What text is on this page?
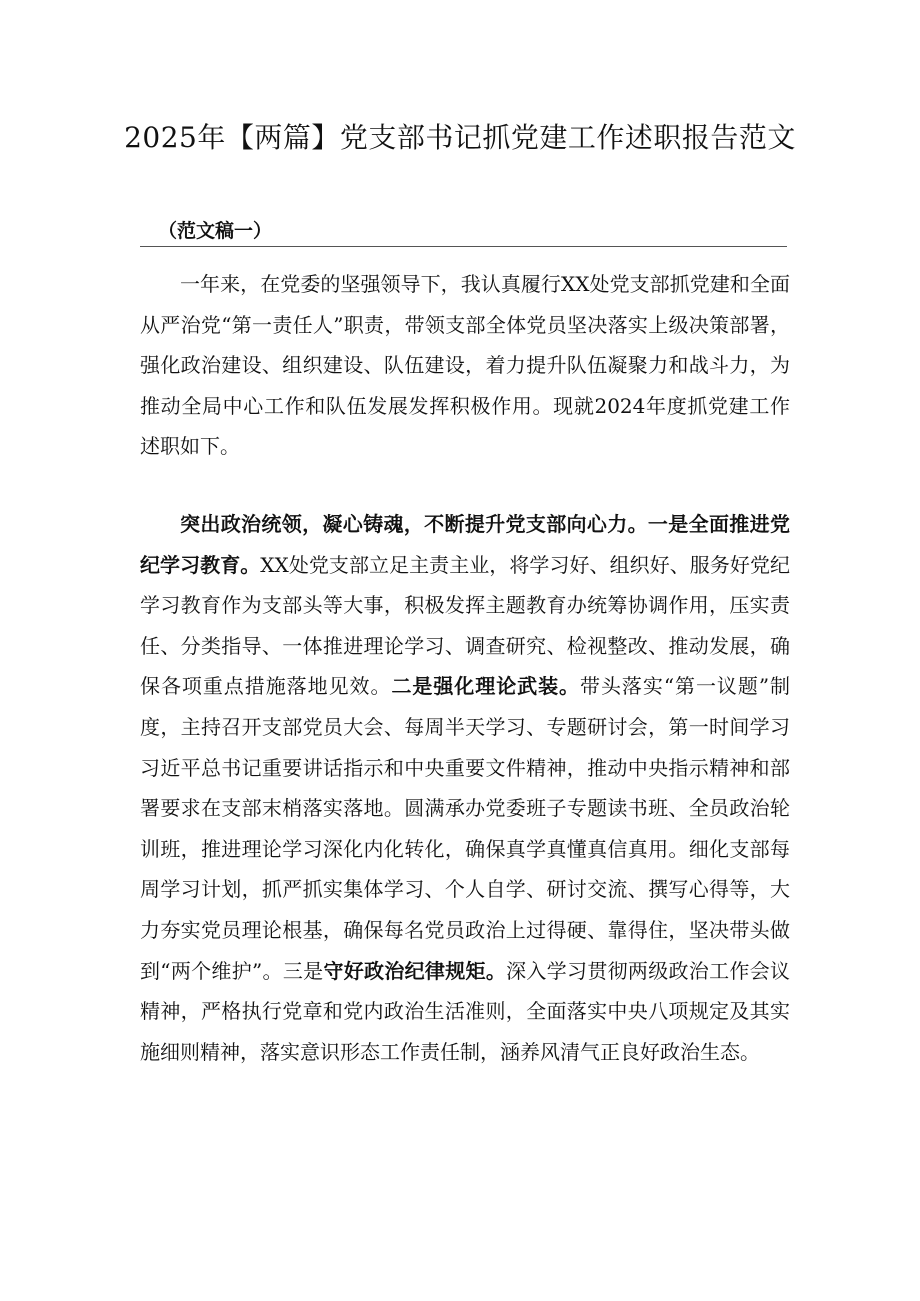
2025年【两篇】党支部书记抓党建工作述职报告范文
（范文稿一）

一年来，在党委的坚强领导下，我认真履行XX处党支部抓党建和全面从严治党“第一责任人”职责，带领支部全体党员坚决落实上级决策部署，强化政治建设、组织建设、队伍建设，着力提升队伍凝聚力和战斗力，为推动全局中心工作和队伍发展发挥积极作用。现就2024年度抓党建工作述职如下。

突出政治统领，凝心铸魂，不断提升党支部向心力。一是全面推进党纪学习教育。XX处党支部立足主责主业，将学习好、组织好、服务好党纪学习教育作为支部头等大事，积极发挥主题教育办统筹协调作用，压实责任、分类指导、一体推进理论学习、调查研究、检视整改、推动发展，确保各项重点措施落地见效。二是强化理论武装。带头落实“第一议题”制度，主持召开支部党员大会、每周半天学习、专题研讨会，第一时间学习习近平总书记重要讲话指示和中央重要文件精神，推动中央指示精神和部署要求在支部末梢落实落地。圆满承办党委班子专题读书班、全员政治轮训班，推进理论学习深化内化转化，确保真学真懂真信真用。细化支部每周学习计划，抓严抓实集体学习、个人自学、研讨交流、撰写心得等，大力夯实党员理论根基，确保每名党员政治上过得硬、靠得住，坚决带头做到“两个维护”。三是守好政治纪律规矩。深入学习贯彻两级政治工作会议精神，严格执行党章和党内政治生活准则，全面落实中央八项规定及其实施细则精神，落实意识形态工作责任制，涵养风清气正良好政治生态。
